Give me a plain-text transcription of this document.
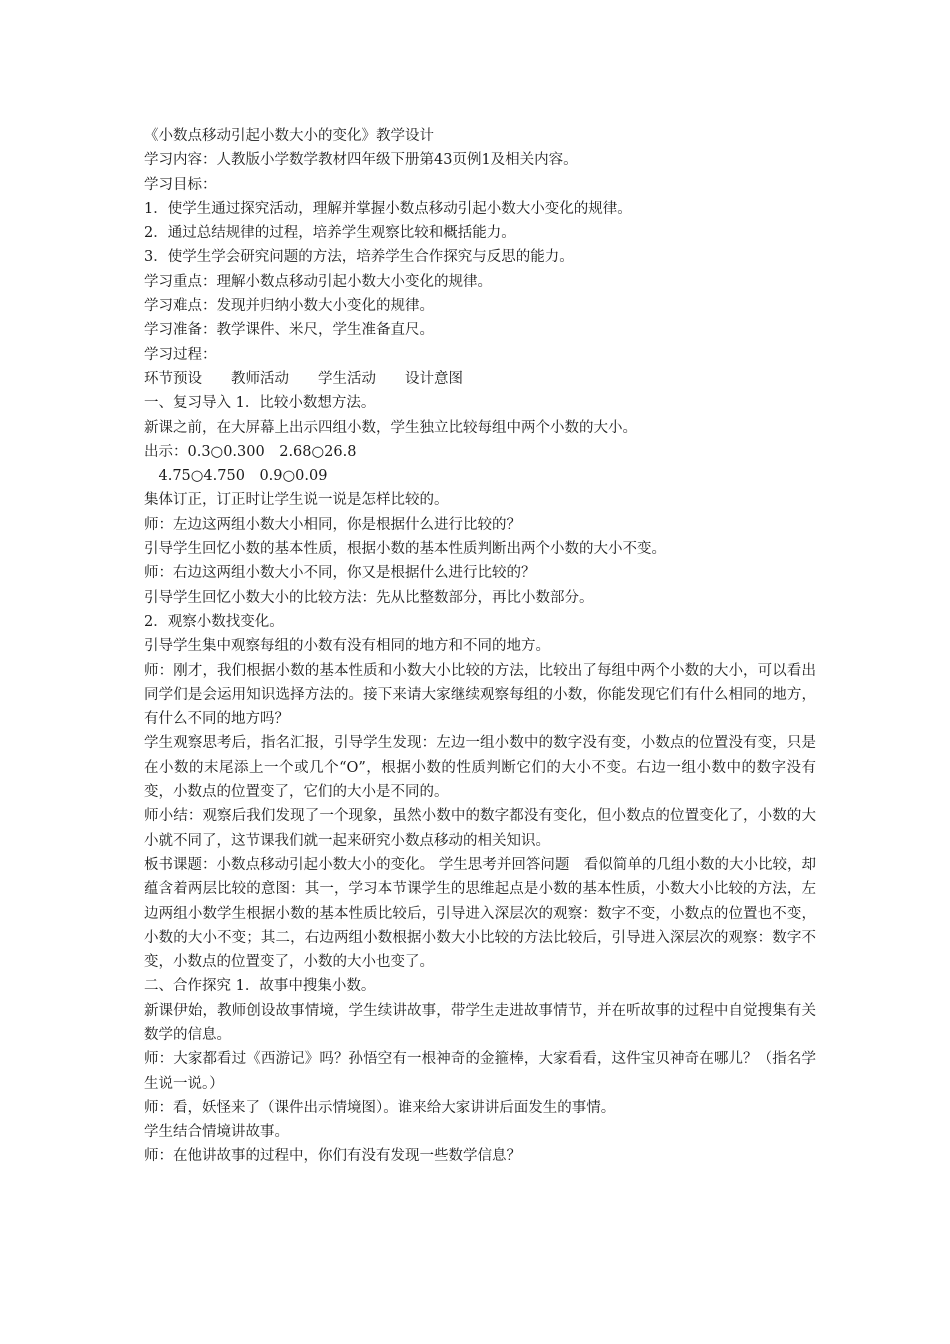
《小数点移动引起小数大小的变化》教学设计

学习内容：人教版小学数学教材四年级下册第43页例1及相关内容。

学习目标：

1．使学生通过探究活动，理解并掌握小数点移动引起小数大小变化的规律。

2．通过总结规律的过程，培养学生观察比较和概括能力。

3．使学生学会研究问题的方法，培养学生合作探究与反思的能力。

学习重点：理解小数点移动引起小数大小变化的规律。

学习难点：发现并归纳小数大小变化的规律。

学习准备：教学课件、米尺，学生准备直尺。

学习过程：

环节预设　　教师活动　　学生活动　　设计意图

一、复习导入 1．比较小数想方法。

新课之前，在大屏幕上出示四组小数，学生独立比较每组中两个小数的大小。

出示：0.3○0.300　2.68○26.8

　4.75○4.750　0.9○0.09

集体订正，订正时让学生说一说是怎样比较的。

师：左边这两组小数大小相同，你是根据什么进行比较的？

引导学生回忆小数的基本性质，根据小数的基本性质判断出两个小数的大小不变。

师：右边这两组小数大小不同，你又是根据什么进行比较的？

引导学生回忆小数大小的比较方法：先从比整数部分，再比小数部分。

2．观察小数找变化。

引导学生集中观察每组的小数有没有相同的地方和不同的地方。

师：刚才，我们根据小数的基本性质和小数大小比较的方法，比较出了每组中两个小数的大小，可以看出同学们是会运用知识选择方法的。接下来请大家继续观察每组的小数，你能发现它们有什么相同的地方，有什么不同的地方吗？

学生观察思考后，指名汇报，引导学生发现：左边一组小数中的数字没有变，小数点的位置没有变，只是在小数的末尾添上一个或几个“O”，根据小数的性质判断它们的大小不变。右边一组小数中的数字没有变，小数点的位置变了，它们的大小是不同的。

师小结：观察后我们发现了一个现象，虽然小数中的数字都没有变化，但小数点的位置变化了，小数的大小就不同了，这节课我们就一起来研究小数点移动的相关知识。

板书课题：小数点移动引起小数大小的变化。 学生思考并回答问题　看似简单的几组小数的大小比较，却蕴含着两层比较的意图：其一，学习本节课学生的思维起点是小数的基本性质，小数大小比较的方法，左边两组小数学生根据小数的基本性质比较后，引导进入深层次的观察：数字不变，小数点的位置也不变，小数的大小不变；其二，右边两组小数根据小数大小比较的方法比较后，引导进入深层次的观察：数字不变，小数点的位置变了，小数的大小也变了。

二、合作探究 1．故事中搜集小数。

新课伊始，教师创设故事情境，学生续讲故事，带学生走进故事情节，并在听故事的过程中自觉搜集有关数学的信息。

师：大家都看过《西游记》吗？孙悟空有一根神奇的金箍棒，大家看看，这件宝贝神奇在哪儿？（指名学生说一说。）

师：看，妖怪来了（课件出示情境图）。谁来给大家讲讲后面发生的事情。

学生结合情境讲故事。

师：在他讲故事的过程中，你们有没有发现一些数学信息？
